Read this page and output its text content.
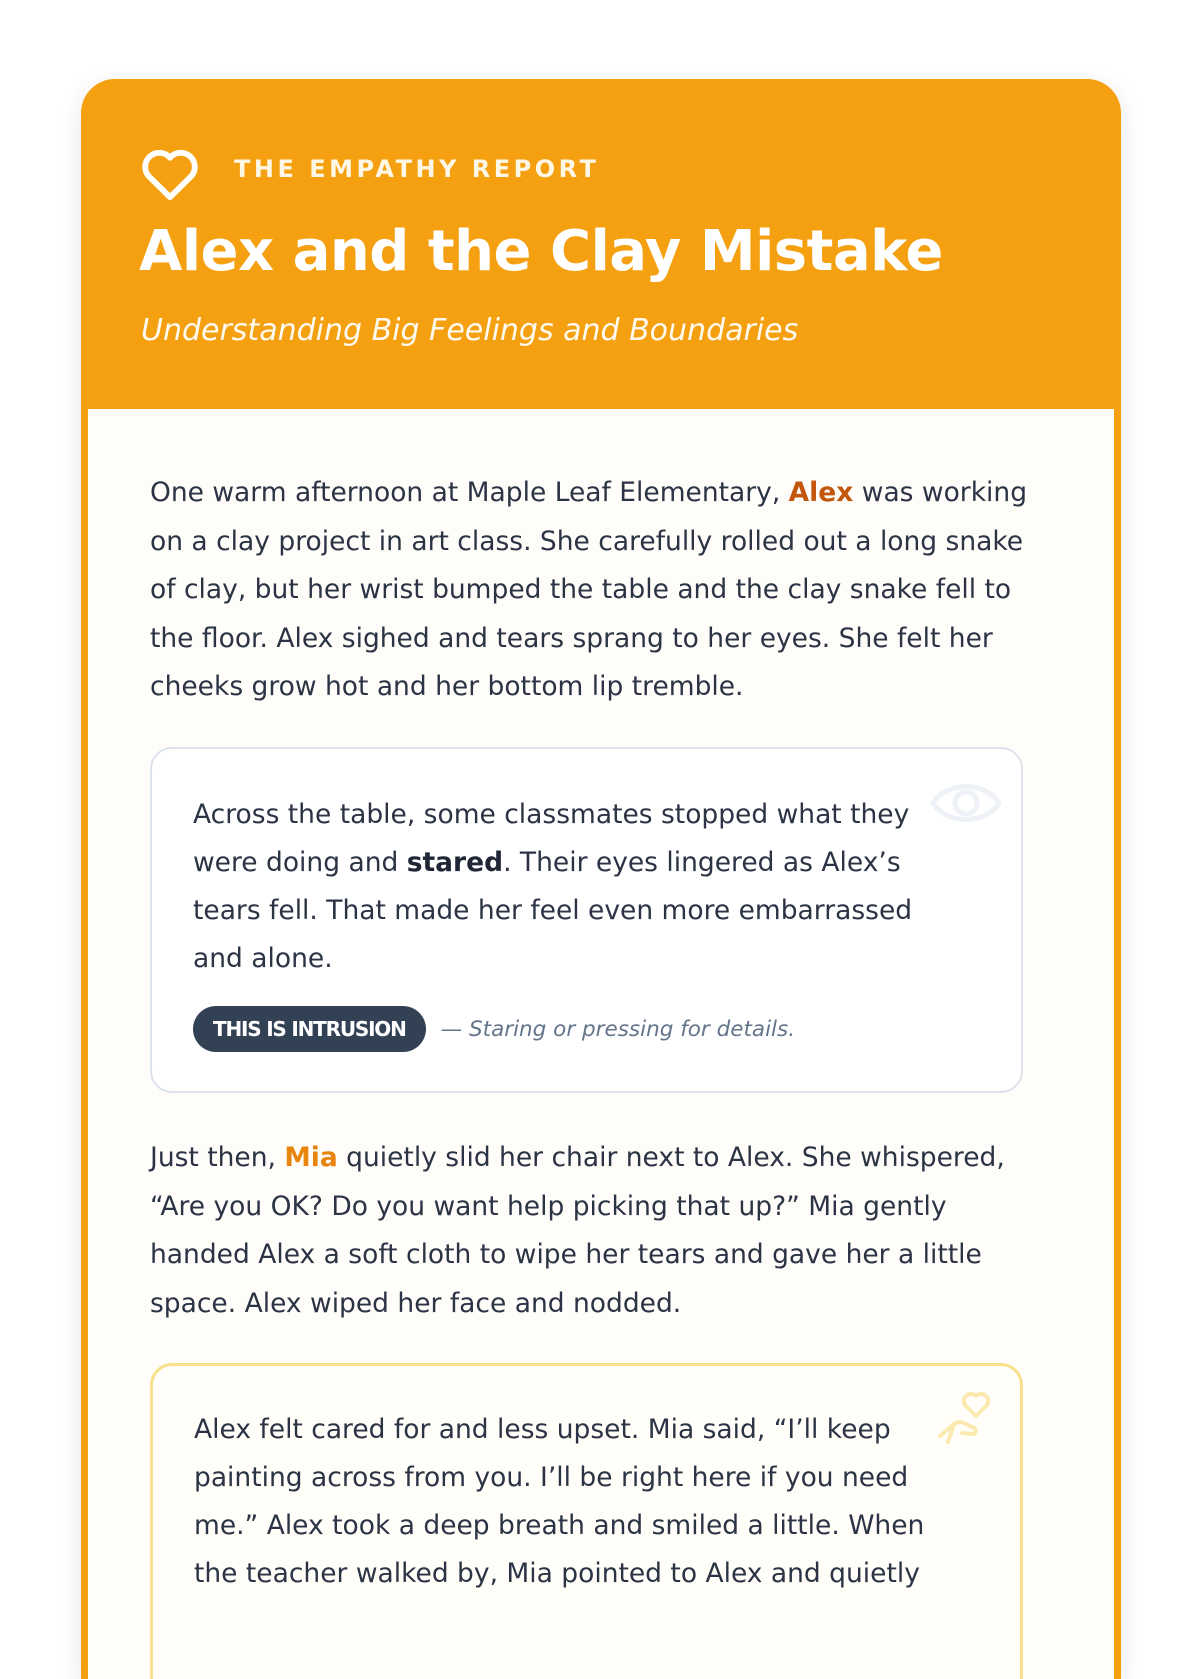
THE EMPATHY REPORT
Alex and the Clay Mistake
Understanding Big Feelings and Boundaries

One warm afternoon at Maple Leaf Elementary, Alex was working on a clay project in art class. She carefully rolled out a long snake of clay, but her wrist bumped the table and the clay snake fell to the floor. Alex sighed and tears sprang to her eyes. She felt her cheeks grow hot and her bottom lip tremble.

Across the table, some classmates stopped what they were doing and stared. Their eyes lingered as Alex’s tears fell. That made her feel even more embarrassed and alone.

THIS IS INTRUSION	— Staring or pressing for details.

Just then, Mia quietly slid her chair next to Alex. She whispered, “Are you OK? Do you want help picking that up?” Mia gently handed Alex a soft cloth to wipe her tears and gave her a little space. Alex wiped her face and nodded.

Alex felt cared for and less upset. Mia said, “I’ll keep painting across from you. I’ll be right here if you need me.” Alex took a deep breath and smiled a little. When the teacher walked by, Mia pointed to Alex and quietly
